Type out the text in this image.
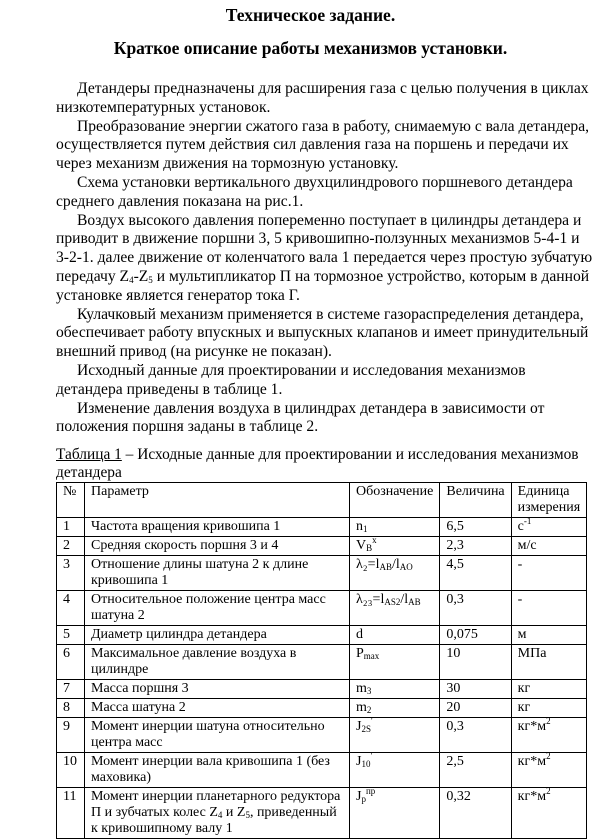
Техническое задание.
Краткое описание работы механизмов установки.

Детандеры предназначены для расширения газа с целью получения в циклах низкотемпературных установок.

Преобразование энергии сжатого газа в работу, снимаемую с вала детандера, осуществляется путем действия сил давления газа на поршень и передачи их через механизм движения на тормозную установку.

Схема установки вертикального двухцилиндрового поршневого детандера среднего давления показана на рис.1.

Воздух высокого давления попеременно поступает в цилиндры детандера и приводит в движение поршни 3, 5 кривошипно-ползунных механизмов 5-4-1 и 3-2-1. далее движение от коленчатого вала 1 передается через простую зубчатую передачу $Z_4-Z_5$ и мультипликатор П на тормозное устройство, которым в данной установке является генератор тока Г.

Кулачковый механизм применяется в системе газораспределения детандера, обеспечивает работу впускных и выпускных клапанов и имеет принудительный внешний привод (на рисунке не показан).

Исходный данные для проектировании и исследования механизмов детандера приведены в таблице 1.

Изменение давления воздуха в цилиндрах детандера в зависимости от положения поршня заданы в таблице 2.

Таблица 1 – Исходные данные для проектировании и исследования механизмов детандера
№	Параметр	Обозначение	Величина	Единица измерения
1	Частота вращения кривошипа 1	$n_1$	6,5	$с^{-1}$
2	Средняя скорость поршня 3 и 4	$V_B^x$	2,3	м/с
3	Отношение длины шатуна 2 к длине кривошипа 1	$\lambda_2=l_{AB}/l_{AO}$	4,5	-
4	Относительное положение центра масс шатуна 2	$\lambda_{23}=l_{AS2}/l_{AB}$	0,3	-
5	Диаметр цилиндра детандера	d	0,075	м
6	Максимальное давление воздуха в цилиндре	$P_{max}$	10	МПа
7	Масса поршня 3	$m_3$	30	кг
8	Масса шатуна 2	$m_2$	20	кг
9	Момент инерции шатуна относительно центра масс	$J_{2S}'$	0,3	$кг*м^2$
10	Момент инерции вала кривошипа 1 (без маховика)	$J_{10}'$	2,5	$кг*м^2$
11	Момент инерции планетарного редуктора П и зубчатых колес $Z_4$ и $Z_5$, приведенный к кривошипному валу 1	$J_p^{пр}$	0,32	$кг*м^2$
